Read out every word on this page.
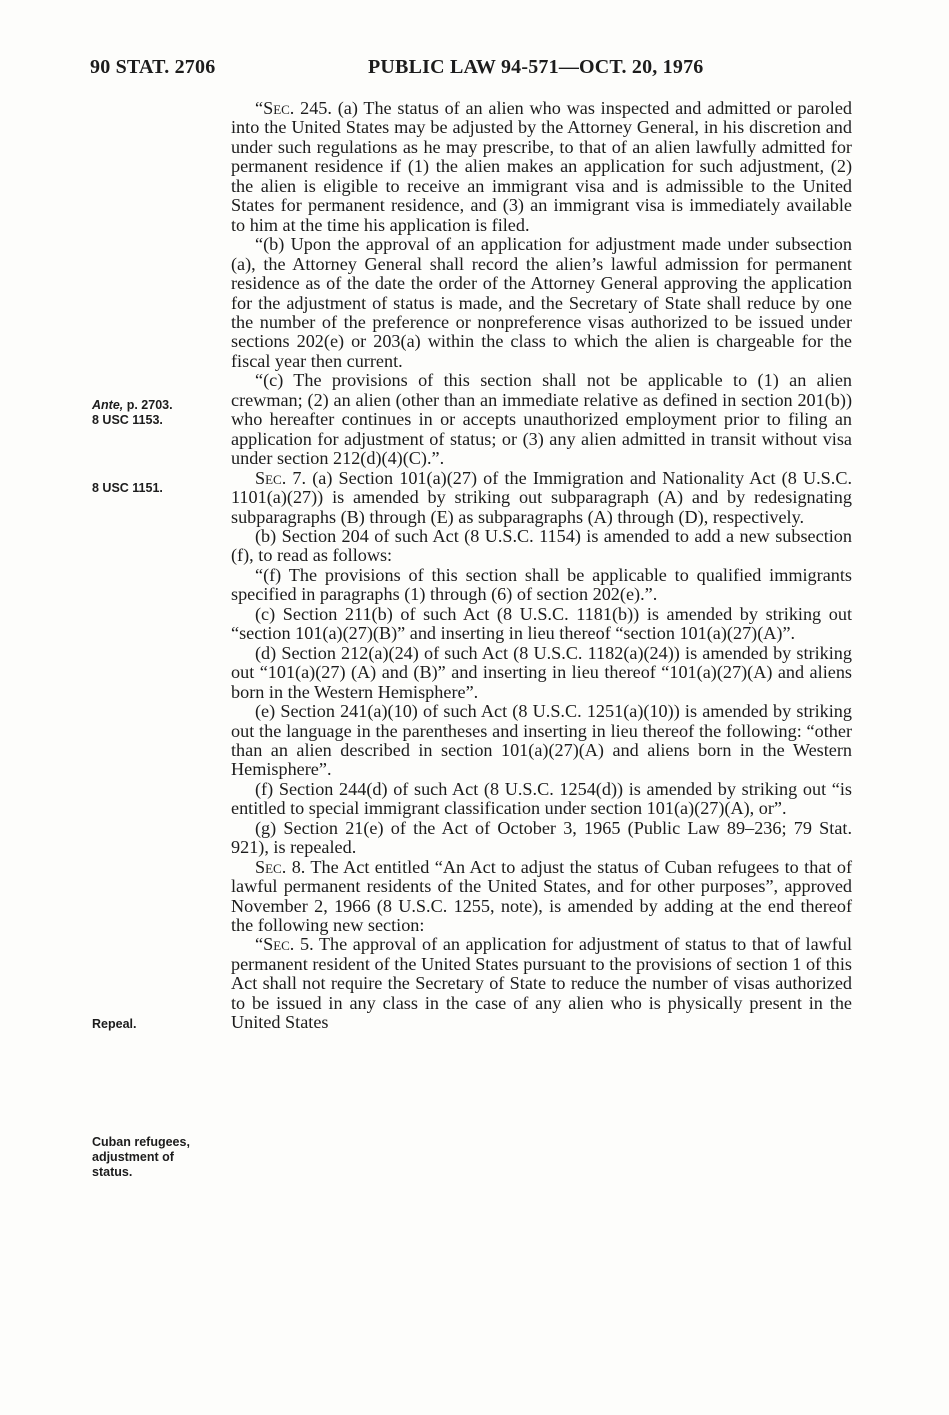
90 STAT. 2706	PUBLIC LAW 94-571—OCT. 20, 1976
Ante, p. 2703.
8 USC 1153.
8 USC 1151.
Repeal.
Cuban refugees,
adjustment of
status.

“Sec. 245. (a) The status of an alien who was inspected and admitted or paroled into the United States may be adjusted by the Attorney General, in his discretion and under such regulations as he may prescribe, to that of an alien lawfully admitted for permanent residence if (1) the alien makes an application for such adjustment, (2) the alien is eligible to receive an immigrant visa and is admissible to the United States for permanent residence, and (3) an immigrant visa is immediately available to him at the time his application is filed.

“(b) Upon the approval of an application for adjustment made under subsection (a), the Attorney General shall record the alien’s lawful admission for permanent residence as of the date the order of the Attorney General approving the application for the adjustment of status is made, and the Secretary of State shall reduce by one the number of the preference or nonpreference visas authorized to be issued under sections 202(e) or 203(a) within the class to which the alien is chargeable for the fiscal year then current.

“(c) The provisions of this section shall not be applicable to (1) an alien crewman; (2) an alien (other than an immediate relative as defined in section 201(b)) who hereafter continues in or accepts unauthorized employment prior to filing an application for adjustment of status; or (3) any alien admitted in transit without visa under section 212(d)(4)(C).”.

Sec. 7. (a) Section 101(a)(27) of the Immigration and Nationality Act (8 U.S.C. 1101(a)(27)) is amended by striking out subparagraph (A) and by redesignating subparagraphs (B) through (E) as subparagraphs (A) through (D), respectively.

(b) Section 204 of such Act (8 U.S.C. 1154) is amended to add a new subsection (f), to read as follows:

“(f) The provisions of this section shall be applicable to qualified immigrants specified in paragraphs (1) through (6) of section 202(e).”.

(c) Section 211(b) of such Act (8 U.S.C. 1181(b)) is amended by striking out “section 101(a)(27)(B)” and inserting in lieu thereof “section 101(a)(27)(A)”.

(d) Section 212(a)(24) of such Act (8 U.S.C. 1182(a)(24)) is amended by striking out “101(a)(27) (A) and (B)” and inserting in lieu thereof “101(a)(27)(A) and aliens born in the Western Hemisphere”.

(e) Section 241(a)(10) of such Act (8 U.S.C. 1251(a)(10)) is amended by striking out the language in the parentheses and inserting in lieu thereof the following: “other than an alien described in section 101(a)(27)(A) and aliens born in the Western Hemisphere”.

(f) Section 244(d) of such Act (8 U.S.C. 1254(d)) is amended by striking out “is entitled to special immigrant classification under section 101(a)(27)(A), or”.

(g) Section 21(e) of the Act of October 3, 1965 (Public Law 89–236; 79 Stat. 921), is repealed.

Sec. 8. The Act entitled “An Act to adjust the status of Cuban refugees to that of lawful permanent residents of the United States, and for other purposes”, approved November 2, 1966 (8 U.S.C. 1255, note), is amended by adding at the end thereof the following new section:

“Sec. 5. The approval of an application for adjustment of status to that of lawful permanent resident of the United States pursuant to the provisions of section 1 of this Act shall not require the Secretary of State to reduce the number of visas authorized to be issued in any class in the case of any alien who is physically present in the United States
